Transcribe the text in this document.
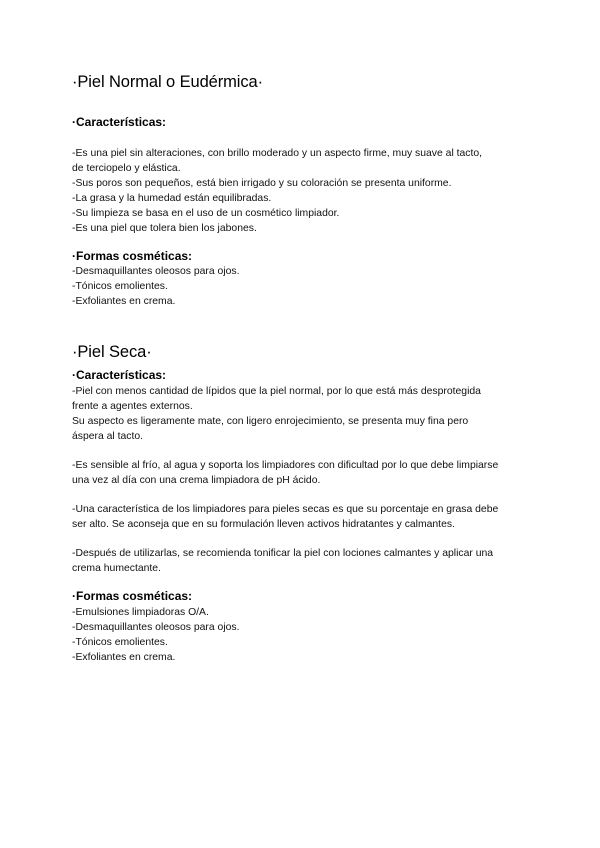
·Piel Normal o Eudérmica·
·Características:

-Es una piel sin alteraciones, con brillo moderado y un aspecto firme, muy suave al tacto,

de terciopelo y elástica.

-Sus poros son pequeños, está bien irrigado y su coloración se presenta uniforme.

-La grasa y la humedad están equilibradas.

-Su limpieza se basa en el uso de un cosmético limpiador.

-Es una piel que tolera bien los jabones.

·Formas cosméticas:

-Desmaquillantes oleosos para ojos.

-Tónicos emolientes.

-Exfoliantes en crema.

·Piel Seca·
·Características:

-Piel con menos cantidad de lípidos que la piel normal, por lo que está más desprotegida

frente a agentes externos.

Su aspecto es ligeramente mate, con ligero enrojecimiento, se presenta muy fina pero

áspera al tacto.

-Es sensible al frío, al agua y soporta los limpiadores con dificultad por lo que debe limpiarse

una vez al día con una crema limpiadora de pH ácido.

-Una característica de los limpiadores para pieles secas es que su porcentaje en grasa debe

ser alto. Se aconseja que en su formulación lleven activos hidratantes y calmantes.

-Después de utilizarlas, se recomienda tonificar la piel con lociones calmantes y aplicar una

crema humectante.

·Formas cosméticas:

-Emulsiones limpiadoras O/A.

-Desmaquillantes oleosos para ojos.

-Tónicos emolientes.

-Exfoliantes en crema.
